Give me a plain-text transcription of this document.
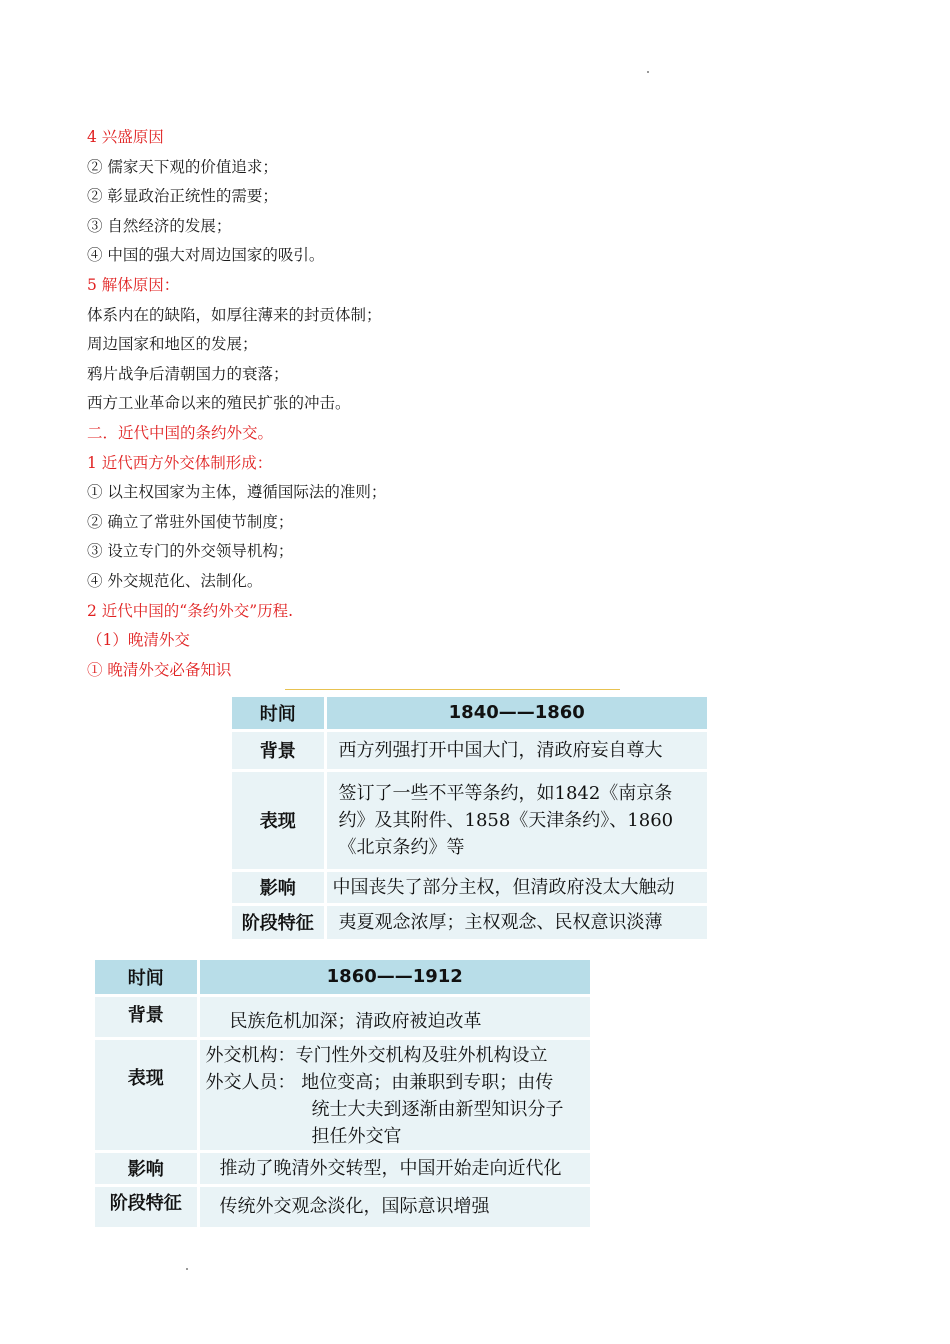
4 兴盛原因
② 儒家天下观的价值追求；
② 彰显政治正统性的需要；
③ 自然经济的发展；
④ 中国的强大对周边国家的吸引。
5 解体原因：
体系内在的缺陷，如厚往薄来的封贡体制；
周边国家和地区的发展；
鸦片战争后清朝国力的衰落；
西方工业革命以来的殖民扩张的冲击。
二．近代中国的条约外交。
1 近代西方外交体制形成：
① 以主权国家为主体，遵循国际法的准则；
② 确立了常驻外国使节制度；
③ 设立专门的外交领导机构；
④ 外交规范化、法制化。
2 近代中国的“条约外交”历程.
（1）晚清外交
① 晚清外交必备知识
时间	1840——1860
背景	西方列强打开中国大门，清政府妄自尊大
表现	签订了一些不平等条约，如1842《南京条
约》及其附件、1858《天津条约》、1860
《北京条约》等

影响	中国丧失了部分主权，但清政府没太大触动
阶段特征	夷夏观念浓厚；主权观念、民权意识淡薄
时间	1860——1912
背景	民族危机加深；清政府被迫改革
表现	外交机构：专门性外交机构及驻外机构设立
外交人员： 地位变高；由兼职到专职；由传
统士大夫到逐渐由新型知识分子
担任外交官

影响	推动了晚清外交转型，中国开始走向近代化
阶段特征	传统外交观念淡化，国际意识增强
